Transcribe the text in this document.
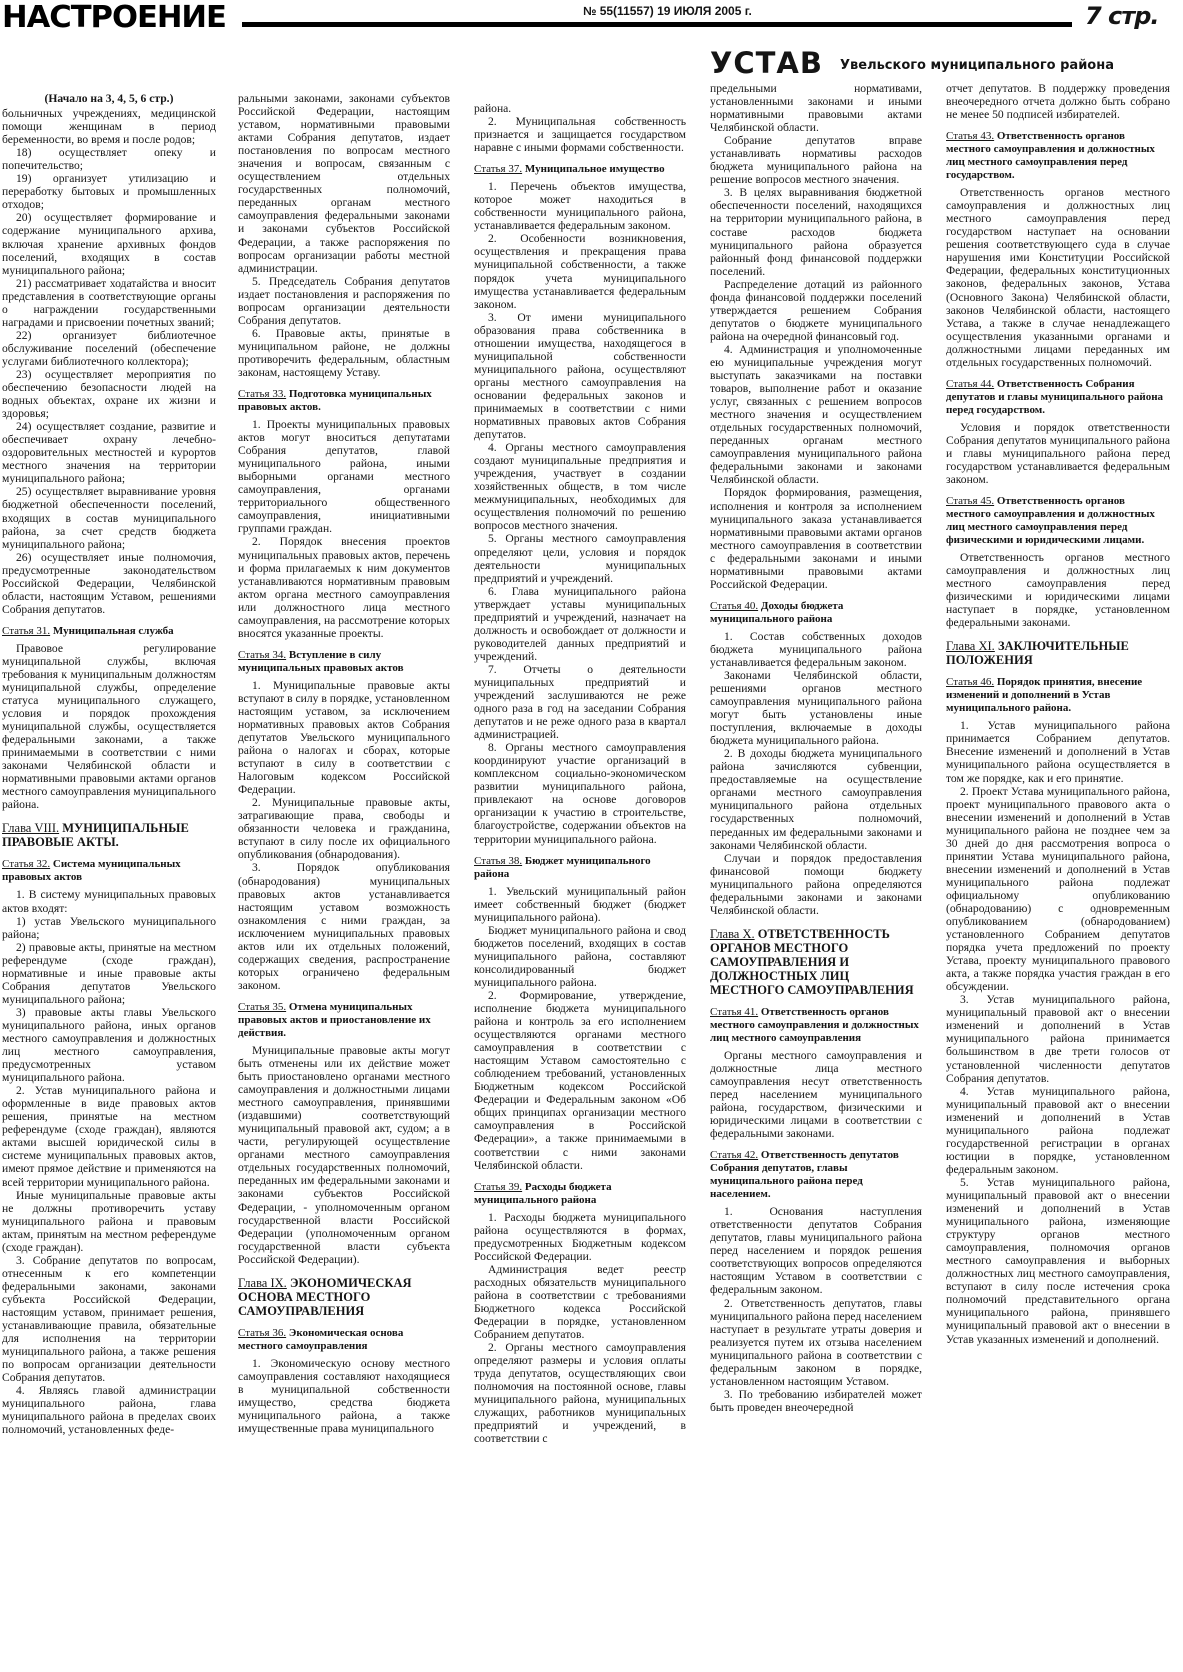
НАСТРОЕНИЕ	№ 55(11557) 19 ИЮЛЯ 2005 г.	7 стр.
УСТАВ Увельского муниципального района

(Начало на 3, 4, 5, 6 стр.)

больничных учреждениях, медицинской помощи женщинам в период беременности, во время и после родов;

18) осуществляет опеку и попечительство;

19) организует утилизацию и переработку бытовых и промышленных отходов;

20) осуществляет формирование и содержание муниципального архива, включая хранение архивных фондов поселений, входящих в состав муниципального района;

21) рассматривает ходатайства и вносит представления в соответствующие органы о награждении государственными наградами и присвоении почетных званий;

22) организует библиотечное обслуживание поселений (обеспечение услугами библиотечного коллектора);

23) осуществляет мероприятия по обеспечению безопасности людей на водных объектах, охране их жизни и здоровья;

24) осуществляет создание, развитие и обеспечивает охрану лечебно-оздоровительных местностей и курортов местного значения на территории муниципального района;

25) осуществляет выравнивание уровня бюджетной обеспеченности поселений, входящих в состав муниципального района, за счет средств бюджета муниципального района;

26) осуществляет иные полномочия, предусмотренные законодательством Российской Федерации, Челябинской области, настоящим Уставом, решениями Собрания депутатов.

Статья 31. Муниципальная служба

Правовое регулирование муниципальной службы, включая требования к муниципальным должностям муниципальной службы, определение статуса муниципального служащего, условия и порядок прохождения муниципальной службы, осуществляется федеральными законами, а также принимаемыми в соответствии с ними законами Челябинской области и нормативными правовыми актами органов местного самоуправления муниципального района.

Глава VIII. МУНИЦИПАЛЬНЫЕ ПРАВОВЫЕ АКТЫ.

Статья 32. Система муниципальных правовых актов

1. В систему муниципальных правовых актов входят:

1) устав Увельского муниципального района;

2) правовые акты, принятые на местном референдуме (сходе граждан), нормативные и иные правовые акты Собрания депутатов Увельского муниципального района;

3) правовые акты главы Увельского муниципального района, иных органов местного самоуправления и должностных лиц местного самоуправления, предусмотренных уставом муниципального района.

2. Устав муниципального района и оформленные в виде правовых актов решения, принятые на местном референдуме (сходе граждан), являются актами высшей юридической силы в системе муниципальных правовых актов, имеют прямое действие и применяются на всей территории муниципального района.

Иные муниципальные правовые акты не должны противоречить уставу муниципального района и правовым актам, принятым на местном референдуме (сходе граждан).

3. Собрание депутатов по вопросам, отнесенным к его компетенции федеральными законами, законами субъекта Российской Федерации, настоящим уставом, принимает решения, устанавливающие правила, обязательные для исполнения на территории муниципального района, а также решения по вопросам организации деятельности Собрания депутатов.

4. Являясь главой администрации муниципального района, глава муниципального района в пределах своих полномочий, установленных феде-

ральными законами, законами субъектов Российской Федерации, настоящим уставом, нормативными правовыми актами Собрания депутатов, издает постановления по вопросам местного значения и вопросам, связанным с осуществлением отдельных государственных полномочий, переданных органам местного самоуправления федеральными законами и законами субъектов Российской Федерации, а также распоряжения по вопросам организации работы местной администрации.

5. Председатель Собрания депутатов издает постановления и распоряжения по вопросам организации деятельности Собрания депутатов.

6. Правовые акты, принятые в муниципальном районе, не должны противоречить федеральным, областным законам, настоящему Уставу.

Статья 33. Подготовка муниципальных правовых актов.

1. Проекты муниципальных правовых актов могут вноситься депутатами Собрания депутатов, главой муниципального района, иными выборными органами местного самоуправления, органами территориального общественного самоуправления, инициативными группами граждан.

2. Порядок внесения проектов муниципальных правовых актов, перечень и форма прилагаемых к ним документов устанавливаются нормативным правовым актом органа местного самоуправления или должностного лица местного самоуправления, на рассмотрение которых вносятся указанные проекты.

Статья 34. Вступление в силу муниципальных правовых актов

1. Муниципальные правовые акты вступают в силу в порядке, установленном настоящим уставом, за исключением нормативных правовых актов Собрания депутатов Увельского муниципального района о налогах и сборах, которые вступают в силу в соответствии с Налоговым кодексом Российской Федерации.

2. Муниципальные правовые акты, затрагивающие права, свободы и обязанности человека и гражданина, вступают в силу после их официального опубликования (обнародования).

3. Порядок опубликования (обнародования) муниципальных правовых актов устанавливается настоящим уставом возможность ознакомления с ними граждан, за исключением муниципальных правовых актов или их отдельных положений, содержащих сведения, распространение которых ограничено федеральным законом.

Статья 35. Отмена муниципальных правовых актов и приостановление их действия.

Муниципальные правовые акты могут быть отменены или их действие может быть приостановлено органами местного самоуправления и должностными лицами местного самоуправления, принявшими (издавшими) соответствующий муниципальный правовой акт, судом; а в части, регулирующей осуществление органами местного самоуправления отдельных государственных полномочий, переданных им федеральными законами и законами субъектов Российской Федерации, - уполномоченным органом государственной власти Российской Федерации (уполномоченным органом государственной власти субъекта Российской Федерации).

Глава IX. ЭКОНОМИЧЕСКАЯ ОСНОВА МЕСТНОГО САМОУПРАВЛЕНИЯ

Статья 36. Экономическая основа местного самоуправления

1. Экономическую основу местного самоуправления составляют находящиеся в муниципальной собственности имущество, средства бюджета муниципального района, а также имущественные права муниципального

района.

2. Муниципальная собственность признается и защищается государством наравне с иными формами собственности.

Статья 37. Муниципальное имущество

1. Перечень объектов имущества, которое может находиться в собственности муниципального района, устанавливается федеральным законом.

2. Особенности возникновения, осуществления и прекращения права муниципальной собственности, а также порядок учета муниципального имущества устанавливается федеральным законом.

3. От имени муниципального образования права собственника в отношении имущества, находящегося в муниципальной собственности муниципального района, осуществляют органы местного самоуправления на основании федеральных законов и принимаемых в соответствии с ними нормативных правовых актов Собрания депутатов.

4. Органы местного самоуправления создают муниципальные предприятия и учреждения, участвует в создании хозяйственных обществ, в том числе межмуниципальных, необходимых для осуществления полномочий по решению вопросов местного значения.

5. Органы местного самоуправления определяют цели, условия и порядок деятельности муниципальных предприятий и учреждений.

6. Глава муниципального района утверждает уставы муниципальных предприятий и учреждений, назначает на должность и освобождает от должности и руководителей данных предприятий и учреждений.

7. Отчеты о деятельности муниципальных предприятий и учреждений заслушиваются не реже одного раза в год на заседании Собрания депутатов и не реже одного раза в квартал администрацией.

8. Органы местного самоуправления координируют участие организаций в комплексном социально-экономическом развитии муниципального района, привлекают на основе договоров организации к участию в строительстве, благоустройстве, содержании объектов на территории муниципального района.

Статья 38. Бюджет муниципального района

1. Увельский муниципальный район имеет собственный бюджет (бюджет муниципального района).

Бюджет муниципального района и свод бюджетов поселений, входящих в состав муниципального района, составляют консолидированный бюджет муниципального района.

2. Формирование, утверждение, исполнение бюджета муниципального района и контроль за его исполнением осуществляются органами местного самоуправления в соответствии с настоящим Уставом самостоятельно с соблюдением требований, установленных Бюджетным кодексом Российской Федерации и Федеральным законом «Об общих принципах организации местного самоуправления в Российской Федерации», а также принимаемыми в соответствии с ними законами Челябинской области.

Статья 39. Расходы бюджета муниципального района

1. Расходы бюджета муниципального района осуществляются в формах, предусмотренных Бюджетным кодексом Российской Федерации.

Администрация ведет реестр расходных обязательств муниципального района в соответствии с требованиями Бюджетного кодекса Российской Федерации в порядке, установленном Собранием депутатов.

2. Органы местного самоуправления определяют размеры и условия оплаты труда депутатов, осуществляющих свои полномочия на постоянной основе, главы муниципального района, муниципальных служащих, работников муниципальных предприятий и учреждений, в соответствии с

предельными нормативами, установленными законами и иными нормативными правовыми актами Челябинской области.

Собрание депутатов вправе устанавливать нормативы расходов бюджета муниципального района на решение вопросов местного значения.

3. В целях выравнивания бюджетной обеспеченности поселений, находящихся на территории муниципального района, в составе расходов бюджета муниципального района образуется районный фонд финансовой поддержки поселений.

Распределение дотаций из районного фонда финансовой поддержки поселений утверждается решением Собрания депутатов о бюджете муниципального района на очередной финансовый год.

4. Администрация и уполномоченные ею муниципальные учреждения могут выступать заказчиками на поставки товаров, выполнение работ и оказание услуг, связанных с решением вопросов местного значения и осуществлением отдельных государственных полномочий, переданных органам местного самоуправления муниципального района федеральными законами и законами Челябинской области.

Порядок формирования, размещения, исполнения и контроля за исполнением муниципального заказа устанавливается нормативными правовыми актами органов местного самоуправления в соответствии с федеральными законами и иными нормативными правовыми актами Российской Федерации.

Статья 40. Доходы бюджета муниципального района

1. Состав собственных доходов бюджета муниципального района устанавливается федеральным законом.

Законами Челябинской области, решениями органов местного самоуправления муниципального района могут быть установлены иные поступления, включаемые в доходы бюджета муниципального района.

2. В доходы бюджета муниципального района зачисляются субвенции, предоставляемые на осуществление органами местного самоуправления муниципального района отдельных государственных полномочий, переданных им федеральными законами и законами Челябинской области.

Случаи и порядок предоставления финансовой помощи бюджету муниципального района определяются федеральными законами и законами Челябинской области.

Глава X. ОТВЕТСТВЕННОСТЬ ОРГАНОВ МЕСТНОГО САМОУПРАВЛЕНИЯ И ДОЛЖНОСТНЫХ ЛИЦ МЕСТНОГО САМОУПРАВЛЕНИЯ

Статья 41. Ответственность органов местного самоуправления и должностных лиц местного самоуправления

Органы местного самоуправления и должностные лица местного самоуправления несут ответственность перед населением муниципального района, государством, физическими и юридическими лицами в соответствии с федеральными законами.

Статья 42. Ответственность депутатов Собрания депутатов, главы муниципального района перед населением.

1. Основания наступления ответственности депутатов Собрания депутатов, главы муниципального района перед населением и порядок решения соответствующих вопросов определяются настоящим Уставом в соответствии с федеральным законом.

2. Ответственность депутатов, главы муниципального района перед населением наступает в результате утраты доверия и реализуется путем их отзыва населением муниципального района в соответствии с федеральным законом в порядке, установленном настоящим Уставом.

3. По требованию избирателей может быть проведен внеочередной

отчет депутатов. В поддержку проведения внеочередного отчета должно быть собрано не менее 50 подписей избирателей.

Статья 43. Ответственность органов местного самоуправления и должностных лиц местного самоуправления перед государством.

Ответственность органов местного самоуправления и должностных лиц местного самоуправления перед государством наступает на основании решения соответствующего суда в случае нарушения ими Конституции Российской Федерации, федеральных конституционных законов, федеральных законов, Устава (Основного Закона) Челябинской области, законов Челябинской области, настоящего Устава, а также в случае ненадлежащего осуществления указанными органами и должностными лицами переданных им отдельных государственных полномочий.

Статья 44. Ответственность Собрания депутатов и главы муниципального района перед государством.

Условия и порядок ответственности Собрания депутатов муниципального района и главы муниципального района перед государством устанавливается федеральным законом.

Статья 45. Ответственность органов местного самоуправления и должностных лиц местного самоуправления перед физическими и юридическими лицами.

Ответственность органов местного самоуправления и должностных лиц местного самоуправления перед физическими и юридическими лицами наступает в порядке, установленном федеральными законами.

Глава XI. ЗАКЛЮЧИТЕЛЬНЫЕ ПОЛОЖЕНИЯ

Статья 46. Порядок принятия, внесение изменений и дополнений в Устав муниципального района.

1. Устав муниципального района принимается Собранием депутатов. Внесение изменений и дополнений в Устав муниципального района осуществляется в том же порядке, как и его принятие.

2. Проект Устава муниципального района, проект муниципального правового акта о внесении изменений и дополнений в Устав муниципального района не позднее чем за 30 дней до дня рассмотрения вопроса о принятии Устава муниципального района, внесении изменений и дополнений в Устав муниципального района подлежат официальному опубликованию (обнародованию) с одновременным опубликованием (обнародованием) установленного Собранием депутатов порядка учета предложений по проекту Устава, проекту муниципального правового акта, а также порядка участия граждан в его обсуждении.

3. Устав муниципального района, муниципальный правовой акт о внесении изменений и дополнений в Устав муниципального района принимается большинством в две трети голосов от установленной численности депутатов Собрания депутатов.

4. Устав муниципального района, муниципальный правовой акт о внесении изменений и дополнений в Устав муниципального района подлежат государственной регистрации в органах юстиции в порядке, установленном федеральным законом.

5. Устав муниципального района, муниципальный правовой акт о внесении изменений и дополнений в Устав муниципального района, изменяющие структуру органов местного самоуправления, полномочия органов местного самоуправления и выборных должностных лиц местного самоуправления, вступают в силу после истечения срока полномочий представительного органа муниципального района, принявшего муниципальный правовой акт о внесении в Устав указанных изменений и дополнений.
